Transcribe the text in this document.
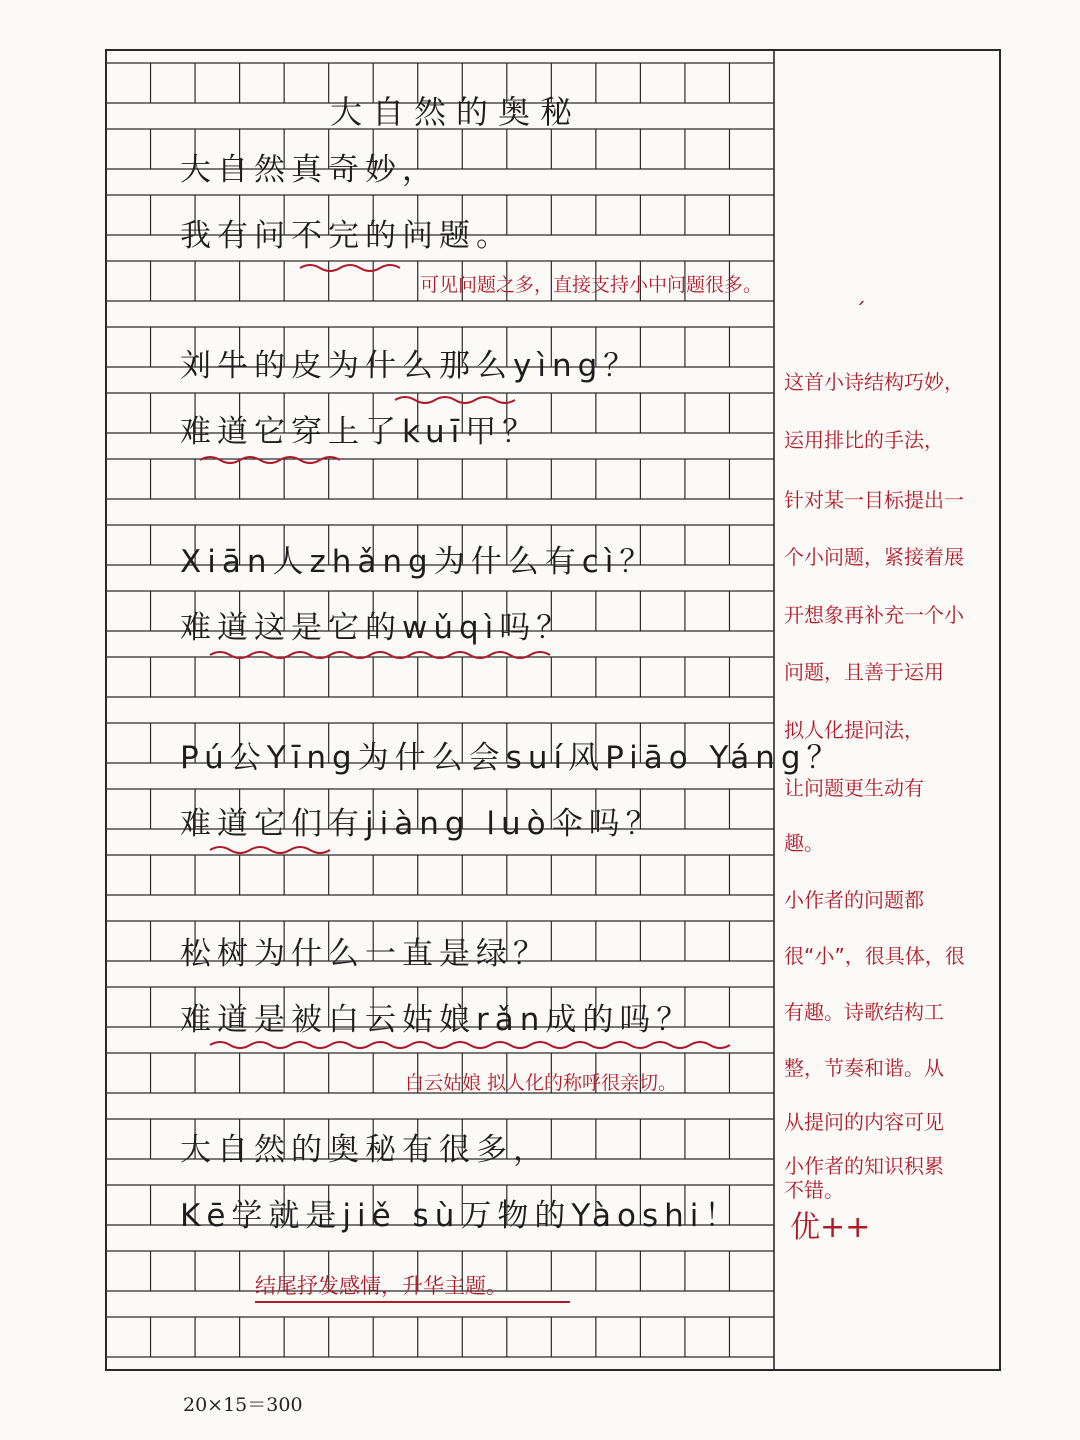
大自然的奥秘
大自然真奇妙，
我有问不完的问题。
刘牛的皮为什么那么yìng？
难道它穿上了kuī甲？
Xiān人zhǎng为什么有cì？
难道这是它的wǔqì吗？
Pú公Yīng为什么会suí风Piāo Yáng？
难道它们有jiàng luò伞吗？
松树为什么一直是绿？
难道是被白云姑娘rǎn成的吗？
大自然的奥秘有很多，
Kē学就是jiě sù万物的Yàoshi！
可见问题之多，直接支持小中问题很多。
白云姑娘 拟人化的称呼很亲切。
结尾抒发感情，升华主题。
ˊ
这首小诗结构巧妙，
运用排比的手法，
针对某一目标提出一
个小问题，紧接着展
开想象再补充一个小
问题，且善于运用
拟人化提问法，
让问题更生动有
趣。
小作者的问题都
很“小”，很具体，很
有趣。诗歌结构工
整，节奏和谐。从
从提问的内容可见
小作者的知识积累
不错。
优++
20×15＝300
